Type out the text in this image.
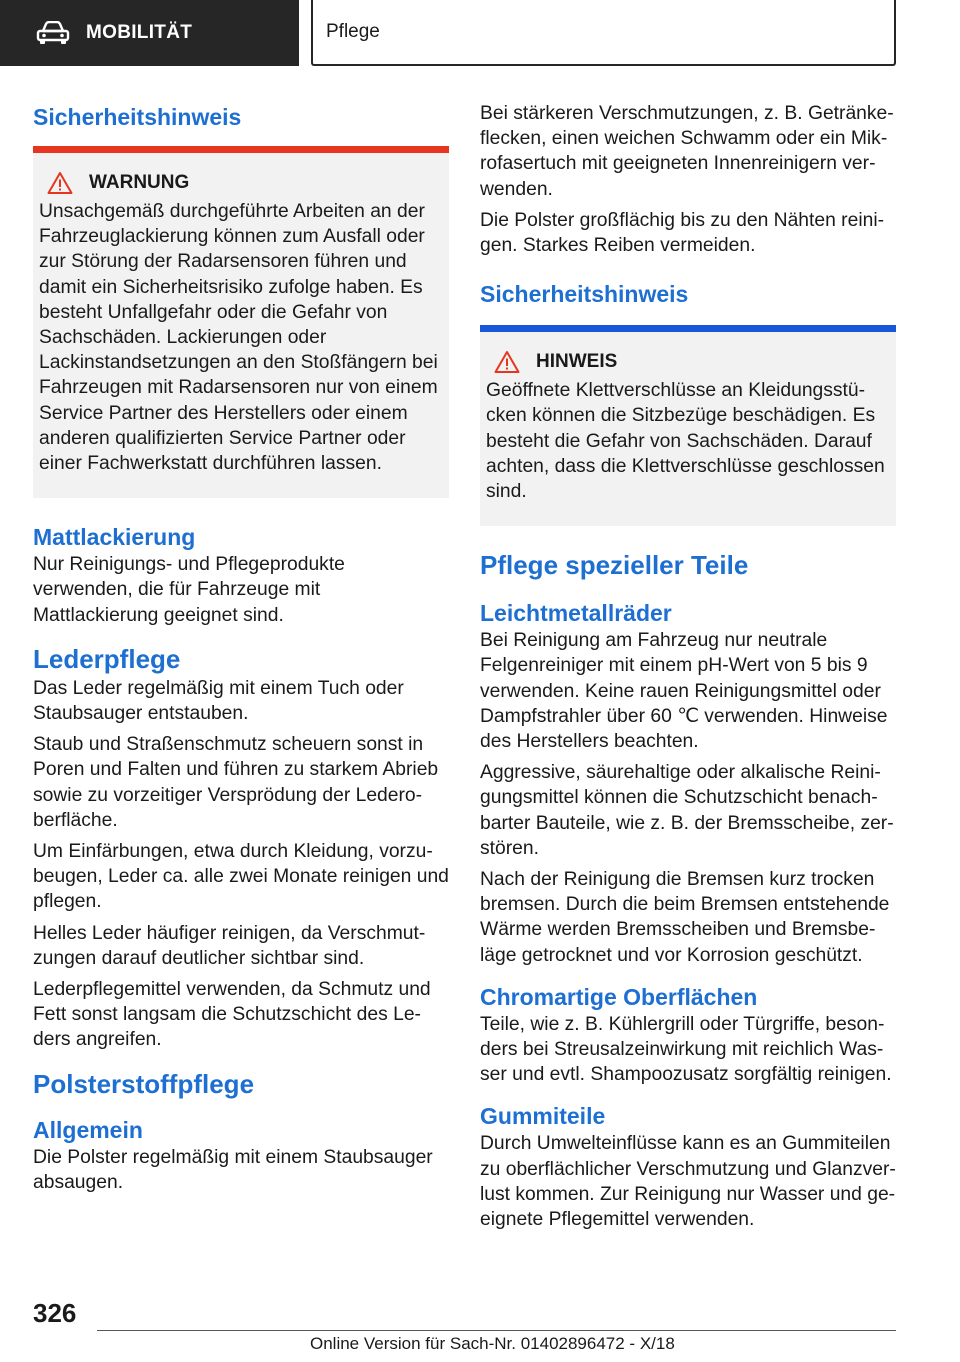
MOBILITÄT	Pflege
Sicherheitshinweis
WARNUNG

Unsachgemäß durchgeführte Arbeiten an der Fahrzeuglackierung können zum Ausfall oder zur Störung der Radarsensoren führen und damit ein Sicherheitsrisiko zufolge haben. Es besteht Unfallgefahr oder die Gefahr von Sachschäden. Lackierungen oder Lackinstandsetzungen an den Stoßfängern bei Fahrzeugen mit Radarsensoren nur von einem Service Partner des Herstellers oder einem anderen qualifizierten Service Partner oder einer Fachwerkstatt durchführen lassen.

Mattlackierung

Nur Reinigungs- und Pflegeprodukte verwenden, die für Fahrzeuge mit Mattlackierung geeignet sind.

Lederpflege

Das Leder regelmäßig mit einem Tuch oder Staubsauger entstauben.

Staub und Straßenschmutz scheuern sonst in Poren und Falten und führen zu starkem Abrieb sowie zu vorzeitiger Versprödung der Lederoberfläche.

Um Einfärbungen, etwa durch Kleidung, vorzubeugen, Leder ca. alle zwei Monate reinigen und pflegen.

Helles Leder häufiger reinigen, da Verschmutzungen darauf deutlicher sichtbar sind.

Lederpflegemittel verwenden, da Schmutz und Fett sonst langsam die Schutzschicht des Leders angreifen.

Polsterstoffpflege
Allgemein

Die Polster regelmäßig mit einem Staubsauger absaugen.

Bei stärkeren Verschmutzungen, z. B. Getränkeflecken, einen weichen Schwamm oder ein Mikrofasertuch mit geeigneten Innenreinigern verwenden.

Die Polster großflächig bis zu den Nähten reinigen. Starkes Reiben vermeiden.

Sicherheitshinweis
HINWEIS

Geöffnete Klettverschlüsse an Kleidungsstücken können die Sitzbezüge beschädigen. Es besteht die Gefahr von Sachschäden. Darauf achten, dass die Klettverschlüsse geschlossen sind.

Pflege spezieller Teile
Leichtmetallräder

Bei Reinigung am Fahrzeug nur neutrale Felgenreiniger mit einem pH-Wert von 5 bis 9 verwenden. Keine rauen Reinigungsmittel oder Dampfstrahler über 60 ℃ verwenden. Hinweise des Herstellers beachten.

Aggressive, säurehaltige oder alkalische Reinigungsmittel können die Schutzschicht benachbarter Bauteile, wie z. B. der Bremsscheibe, zerstören.

Nach der Reinigung die Bremsen kurz trocken bremsen. Durch die beim Bremsen entstehende Wärme werden Bremsscheiben und Bremsbeläge getrocknet und vor Korrosion geschützt.

Chromartige Oberflächen

Teile, wie z. B. Kühlergrill oder Türgriffe, besonders bei Streusalzeinwirkung mit reichlich Wasser und evtl. Shampoozusatz sorgfältig reinigen.

Gummiteile

Durch Umwelteinflüsse kann es an Gummiteilen zu oberflächlicher Verschmutzung und Glanzverlust kommen. Zur Reinigung nur Wasser und geeignete Pflegemittel verwenden.

326
Online Version für Sach-Nr. 01402896472 - X/18
